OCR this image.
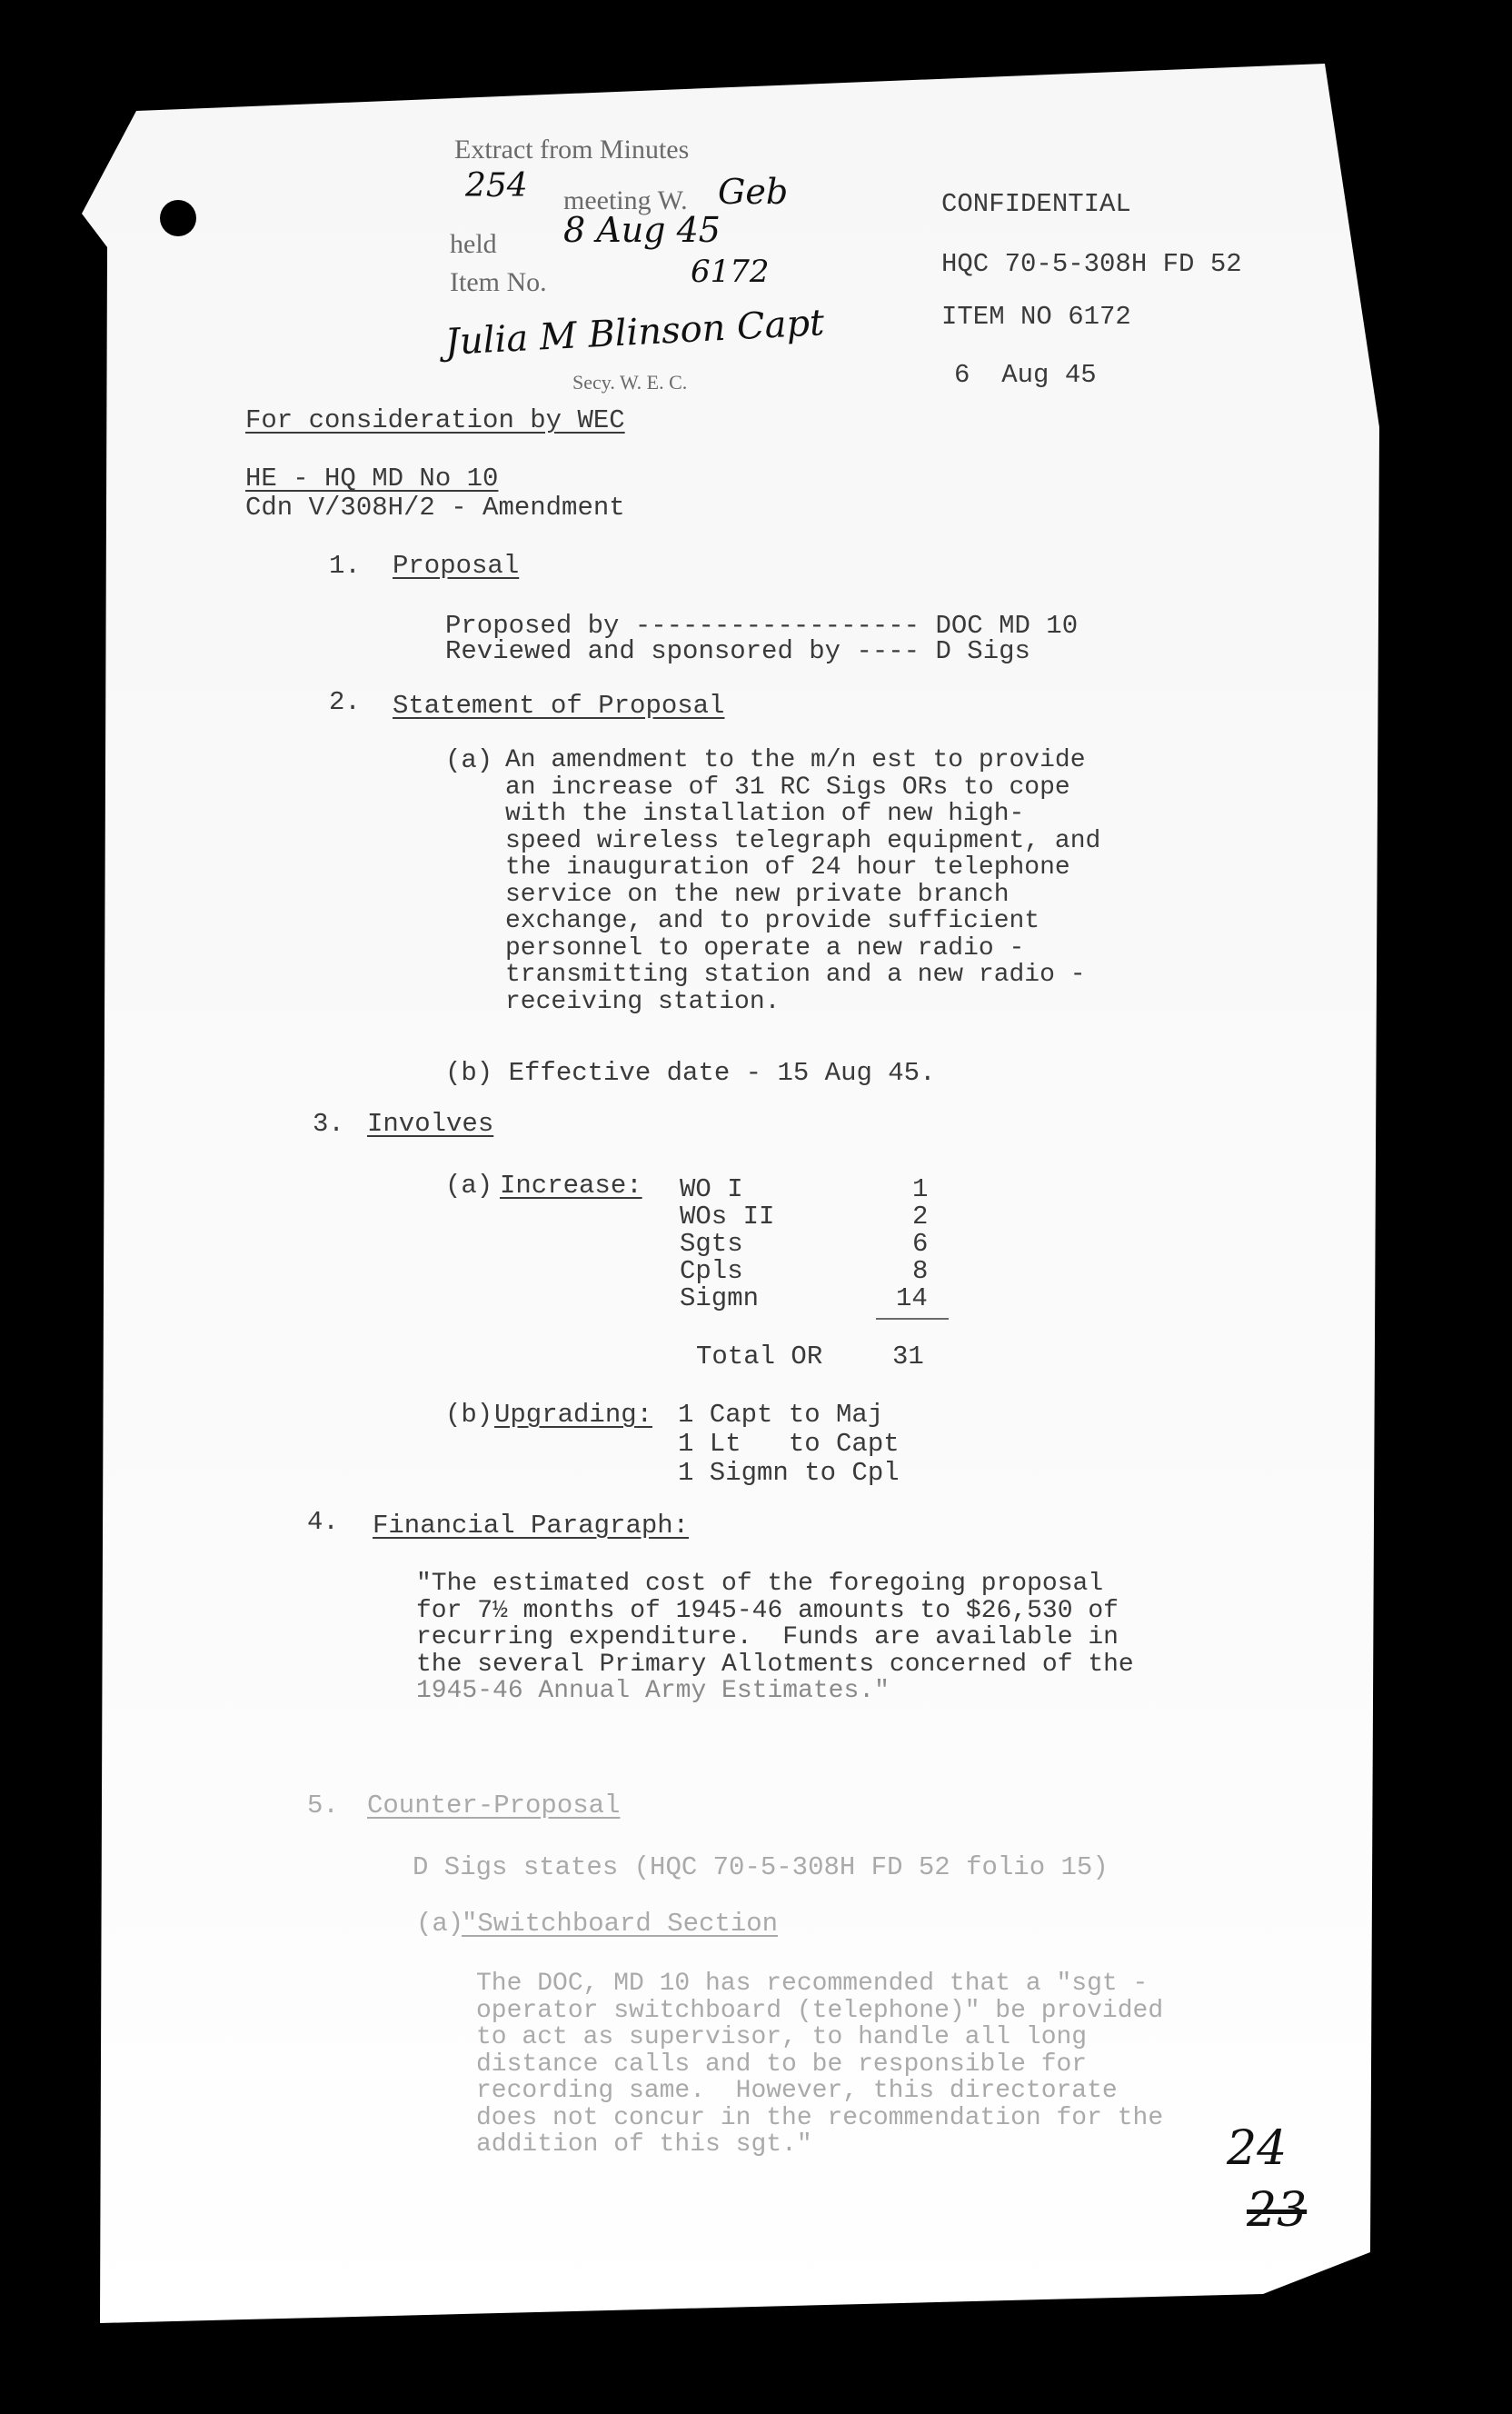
Extract from Minutes
254 meeting W. Geb
held 8 Aug 45
Item No.	6172
Julia M Blinson Capt
Secy. W. E. C.
CONFIDENTIAL
HQC 70-5-308H FD 52
ITEM NO 6172
6  Aug 45
For consideration by WEC
HE - HQ MD No 10
Cdn V/308H/2 - Amendment
1. Proposal
Proposed by ------------------ DOC MD 10
Reviewed and sponsored by ---- D Sigs
2. Statement of Proposal
(a) An amendment to the m/n est to provide
an increase of 31 RC Sigs ORs to cope
with the installation of new high-
speed wireless telegraph equipment, and
the inauguration of 24 hour telephone
service on the new private branch
exchange, and to provide sufficient
personnel to operate a new radio -
transmitting station and a new radio -
receiving station.
(b) Effective date - 15 Aug 45.
3. Involves
(a) Increase: WO I	1
WOs II	2
Sgts	6
Cpls	8
Sigmn	14
Total OR	31
(b) Upgrading: 1 Capt to Maj
1 Lt   to Capt
1 Sigmn to Cpl
4. Financial Paragraph:
"The estimated cost of the foregoing proposal
for 7½ months of 1945-46 amounts to $26,530 of
recurring expenditure.  Funds are available in
the several Primary Allotments concerned of the
1945-46 Annual Army Estimates."
5. Counter-Proposal
D Sigs states (HQC 70-5-308H FD 52 folio 15)
(a)
"Switchboard Section
The DOC, MD 10 has recommended that a "sgt -
operator switchboard (telephone)" be provided
to act as supervisor, to handle all long
distance calls and to be responsible for
recording same.  However, this directorate
does not concur in the recommendation for the
addition of this sgt."	24
23
